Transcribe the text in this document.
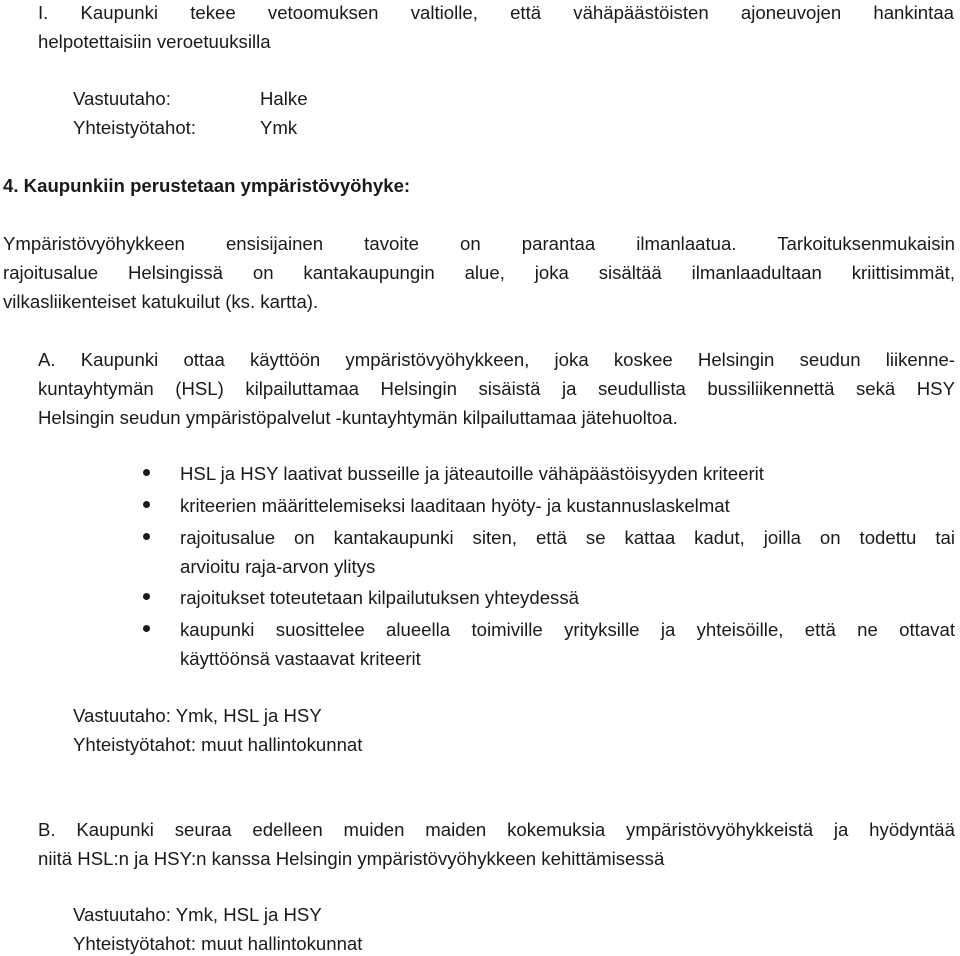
I. Kaupunki tekee vetoomuksen valtiolle, että vähäpäästöisten ajoneuvojen hankintaa
helpotettaisiin veroetuuksilla
Vastuutaho:	Halke
Yhteistyötahot:	Ymk
4. Kaupunkiin perustetaan ympäristövyöhyke:
Ympäristövyöhykkeen ensisijainen tavoite on parantaa ilmanlaatua. Tarkoituksenmukaisin
rajoitusalue Helsingissä on kantakaupungin alue, joka sisältää ilmanlaadultaan kriittisimmät,
vilkasliikenteiset katukuilut (ks. kartta).
A. Kaupunki ottaa käyttöön ympäristövyöhykkeen, joka koskee Helsingin seudun liikenne-
kuntayhtymän (HSL) kilpailuttamaa Helsingin sisäistä ja seudullista bussiliikennettä sekä HSY
Helsingin seudun ympäristöpalvelut -kuntayhtymän kilpailuttamaa jätehuoltoa.
HSL ja HSY laativat busseille ja jäteautoille vähäpäästöisyyden kriteerit
kriteerien määrittelemiseksi laaditaan hyöty- ja kustannuslaskelmat
rajoitusalue on kantakaupunki siten, että se kattaa kadut, joilla on todettu tai
arvioitu raja-arvon ylitys
rajoitukset toteutetaan kilpailutuksen yhteydessä
kaupunki suosittelee alueella toimiville yrityksille ja yhteisöille, että ne ottavat
käyttöönsä vastaavat kriteerit
Vastuutaho: Ymk, HSL ja HSY
Yhteistyötahot: muut hallintokunnat
B. Kaupunki seuraa edelleen muiden maiden kokemuksia ympäristövyöhykkeistä ja hyödyntää
niitä HSL:n ja HSY:n kanssa Helsingin ympäristövyöhykkeen kehittämisessä
Vastuutaho: Ymk, HSL ja HSY
Yhteistyötahot: muut hallintokunnat
